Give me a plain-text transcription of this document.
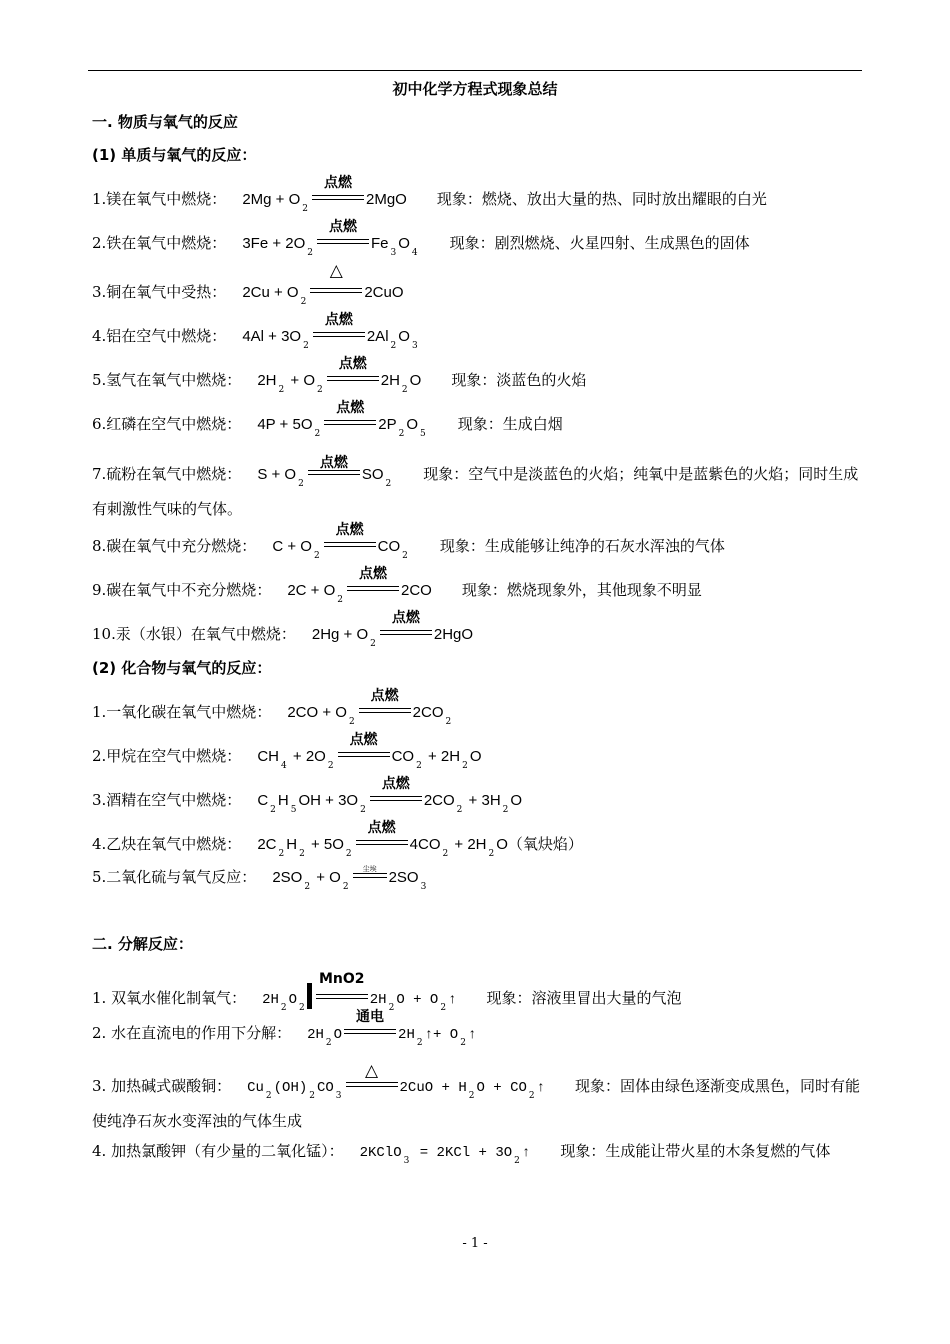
初中化学方程式现象总结
一. 物质与氧气的反应
(1) 单质与氧气的反应：
1.镁在氧气中燃烧： $2Mg + O_2$
点燃
2MgO 现象：燃烧、放出大量的热、同时放出耀眼的白光
2.铁在氧气中燃烧： $3Fe + 2O_2$
点燃
$Fe_3O_4$现象：剧烈燃烧、火星四射、生成黑色的固体
3.铜在氧气中受热： $2Cu + O_2$
△
2CuO
4.铝在空气中燃烧： $4Al + 3O_2$
点燃
$2Al_2O_3$
5.氢气在氧气中燃烧： $2H_2 + O_2$
点燃
$2H_2O$ 现象：淡蓝色的火焰
6.红磷在空气中燃烧： $4P + 5O_2$
点燃
$2P_2O_5$现象：生成白烟
7.硫粉在氧气中燃烧： $S + O_2$
点燃
$SO_2$现象：空气中是淡蓝色的火焰；纯氧中是蓝紫色的火焰；同时生成有刺激性气味的气体。
8.碳在氧气中充分燃烧： $C + O_2$
点燃
$CO_2$现象：生成能够让纯净的石灰水浑浊的气体
9.碳在氧气中不充分燃烧： $2C + O_2$
点燃
2CO 现象：燃烧现象外，其他现象不明显
10.汞（水银）在氧气中燃烧： $2Hg + O_2$
点燃
2HgO
(2) 化合物与氧气的反应：
1.一氧化碳在氧气中燃烧： $2CO + O_2$
点燃
$2CO_2$
2.甲烷在空气中燃烧： $CH_4 + 2O_2$
点燃
$CO_2 + 2H_2O$
3.酒精在空气中燃烧： $C_2H_5OH + 3O_2$
点燃
$2CO_2 + 3H_2O$
4.乙炔在氧气中燃烧： $2C_2H_2 + 5O_2$
点燃
$4CO_2 + 2H_2O$（氧炔焰）
5.二氧化硫与氧气反应： $2SO_2 + O_2$
尘埃 $2SO_3$
二. 分解反应：
1. 双氧水催化制氧气： 2H $_2$ O $_2$
MnO2
2H $_2$ O + O $_2$ ↑ 现象：溶液里冒出大量的气泡
2. 水在直流电的作用下分解： 2H $_2$ O
通电
2H $_2$ ↑+ O $_2$ ↑
3. 加热碱式碳酸铜： Cu $_2$ (OH) $_2$ CO $_3$
△
2CuO + H $_2$ O + CO $_2$ ↑ 现象：固体由绿色逐渐变成黑色，同时有能使纯净石灰水变浑浊的气体生成
4. 加热氯酸钾（有少量的二氧化锰）： 2KClO $_3$ = 2KCl + 3O $_2$ ↑ 现象：生成能让带火星的木条复燃的气体
- 1 -
